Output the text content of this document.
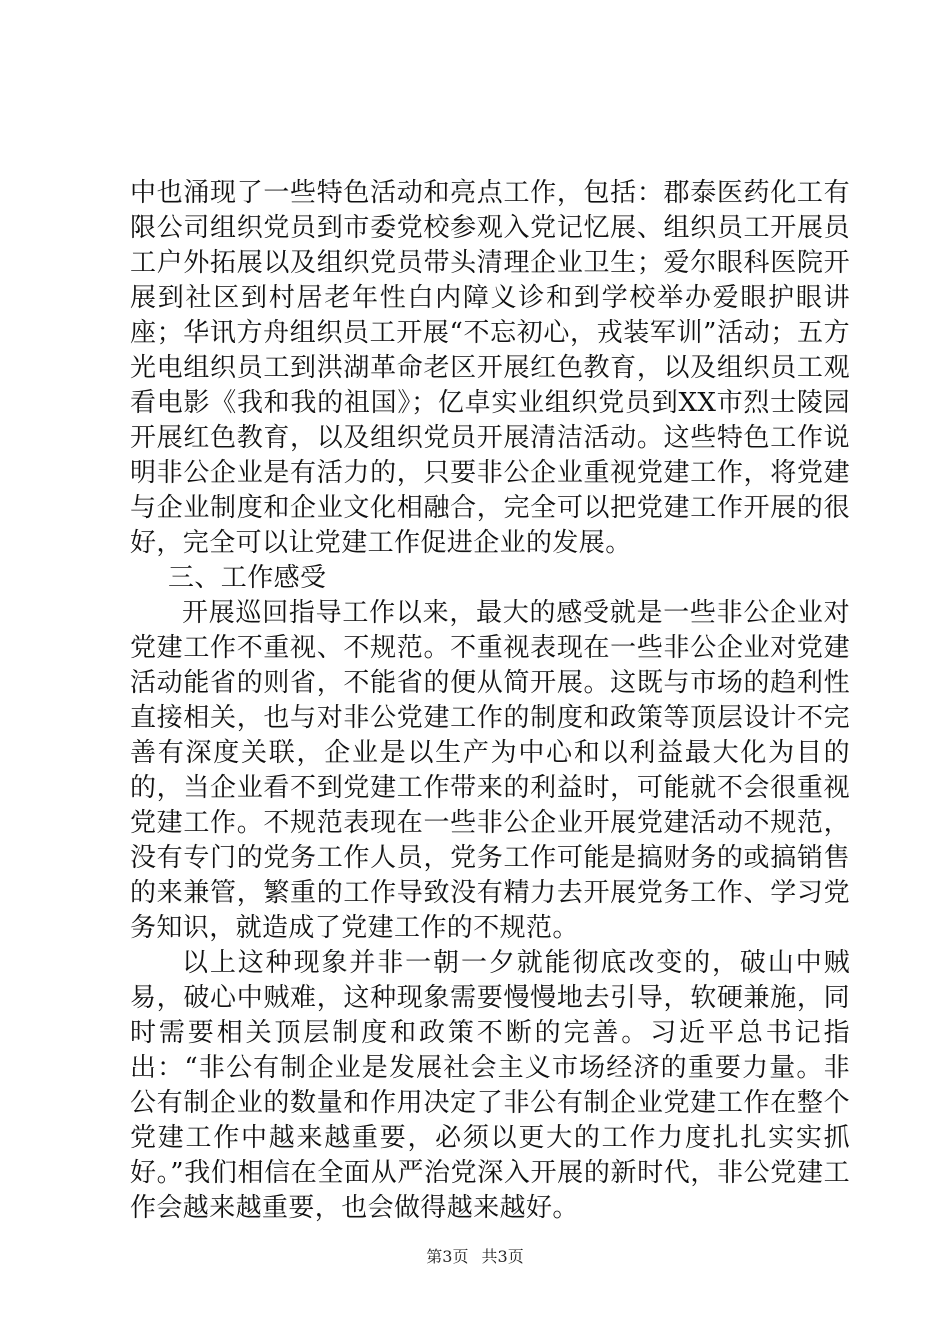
中也涌现了一些特色活动和亮点工作，包括：郡泰医药化工有限公司组织党员到市委党校参观入党记忆展、组织员工开展员工户外拓展以及组织党员带头清理企业卫生；爱尔眼科医院开展到社区到村居老年性白内障义诊和到学校举办爱眼护眼讲座；华讯方舟组织员工开展“不忘初心，戎装军训”活动；五方光电组织员工到洪湖革命老区开展红色教育，以及组织员工观看电影《我和我的祖国》；亿卓实业组织党员到XX市烈士陵园开展红色教育，以及组织党员开展清洁活动。这些特色工作说明非公企业是有活力的，只要非公企业重视党建工作，将党建与企业制度和企业文化相融合，完全可以把党建工作开展的很好，完全可以让党建工作促进企业的发展。

三、工作感受

开展巡回指导工作以来，最大的感受就是一些非公企业对党建工作不重视、不规范。不重视表现在一些非公企业对党建活动能省的则省，不能省的便从简开展。这既与市场的趋利性直接相关，也与对非公党建工作的制度和政策等顶层设计不完善有深度关联，企业是以生产为中心和以利益最大化为目的的，当企业看不到党建工作带来的利益时，可能就不会很重视党建工作。不规范表现在一些非公企业开展党建活动不规范，没有专门的党务工作人员，党务工作可能是搞财务的或搞销售的来兼管，繁重的工作导致没有精力去开展党务工作、学习党务知识，就造成了党建工作的不规范。

以上这种现象并非一朝一夕就能彻底改变的，破山中贼易，破心中贼难，这种现象需要慢慢地去引导，软硬兼施，同时需要相关顶层制度和政策不断的完善。习近平总书记指出：“非公有制企业是发展社会主义市场经济的重要力量。非公有制企业的数量和作用决定了非公有制企业党建工作在整个党建工作中越来越重要，必须以更大的工作力度扎扎实实抓好。”我们相信在全面从严治党深入开展的新时代，非公党建工作会越来越重要，也会做得越来越好。

第3页 共3页
